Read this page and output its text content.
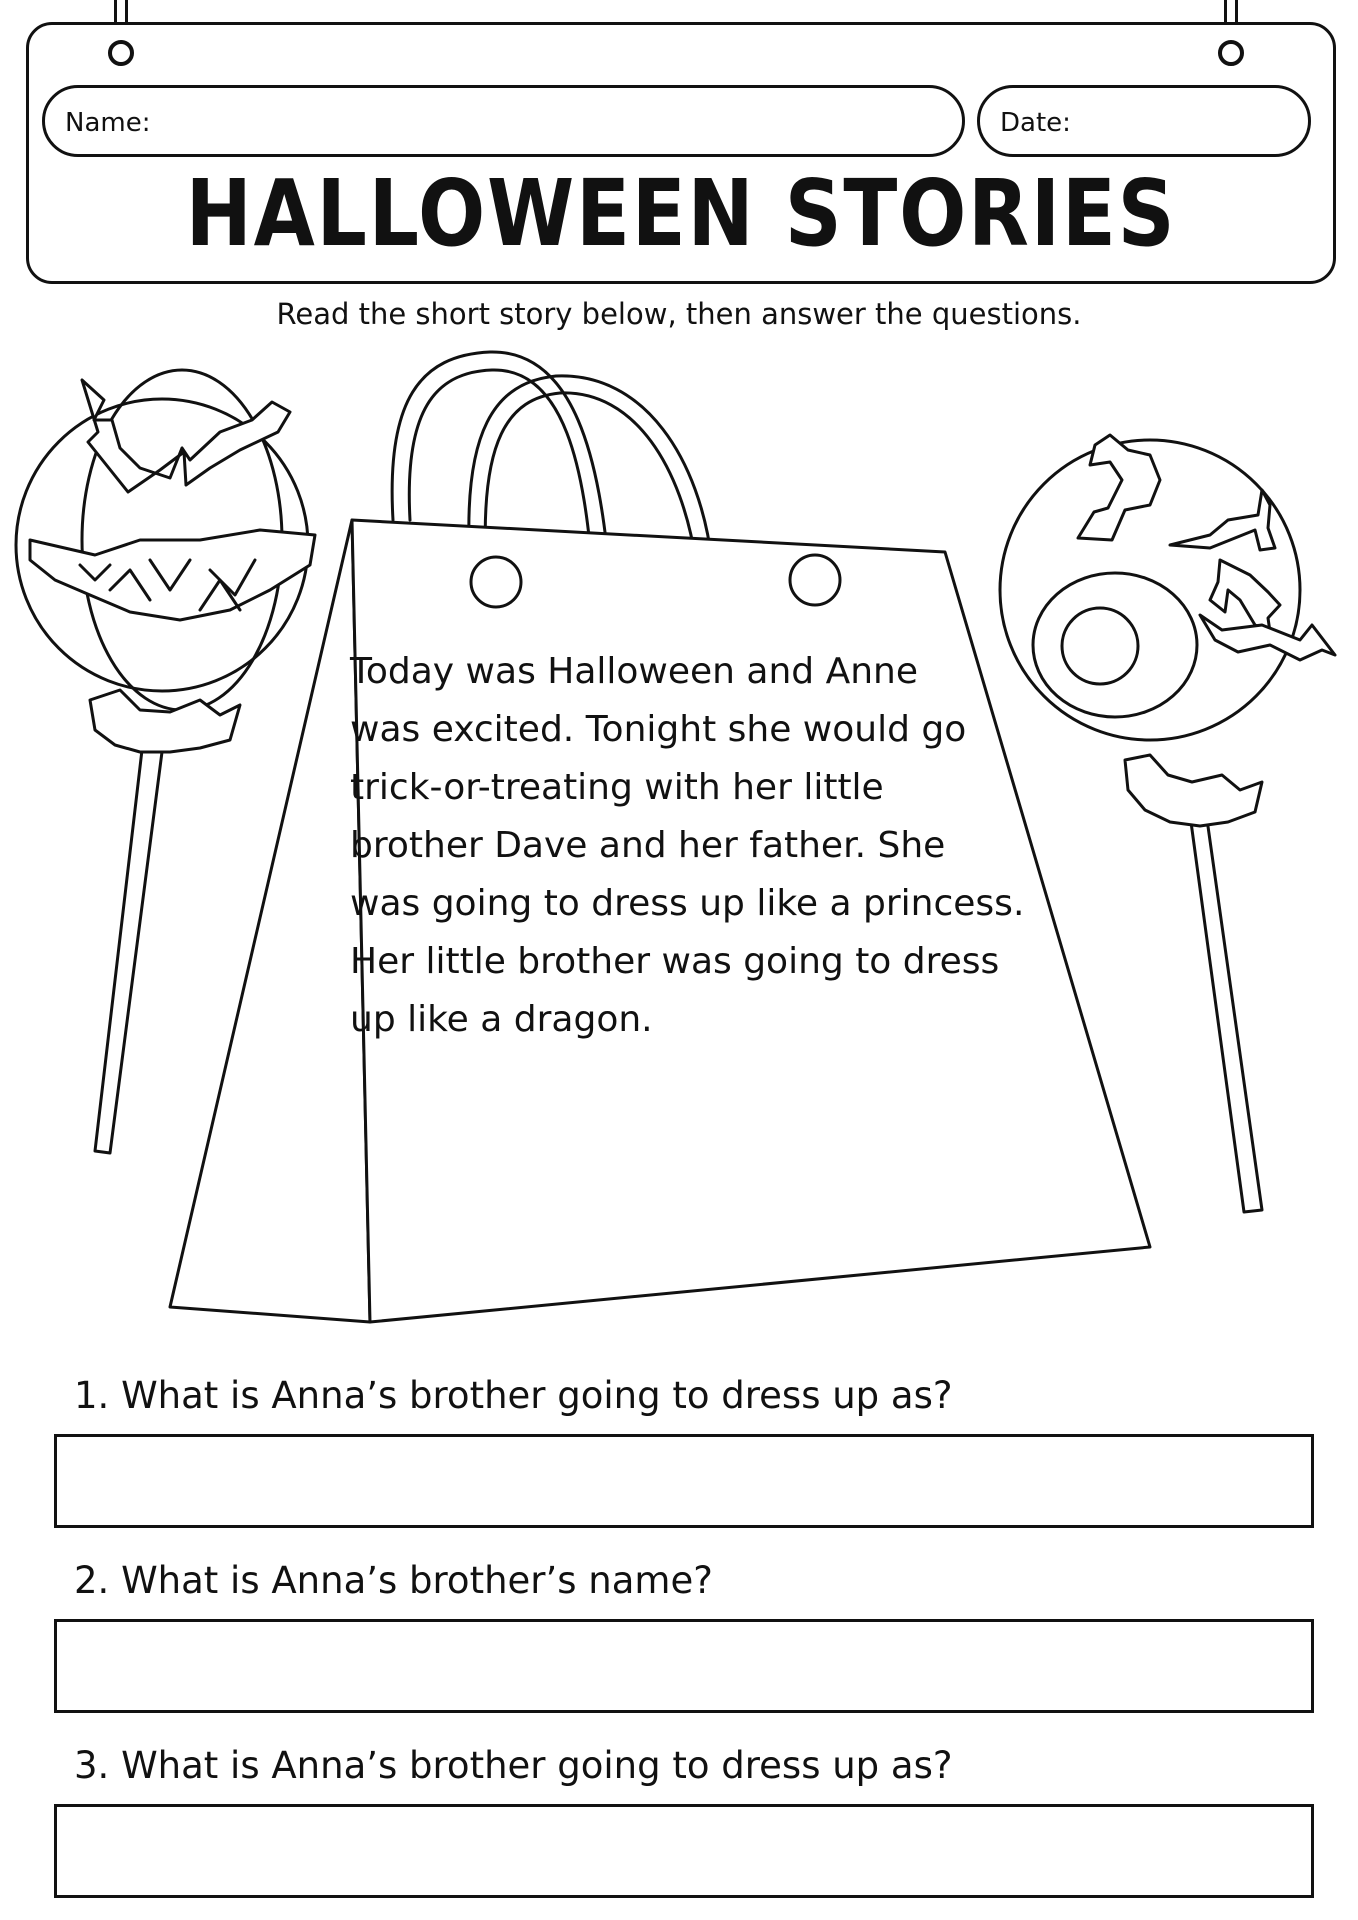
Name:	Date:
HALLOWEEN STORIES
Read the short story below, then answer the questions.
Today was Halloween and Anne
was excited. Tonight she would go
trick-or-treating with her little
brother Dave and her father. She
was going to dress up like a princess.
Her little brother was going to dress
up like a dragon.
1. What is Anna’s brother going to dress up as?
2. What is Anna’s brother’s name?
3. What is Anna’s brother going to dress up as?
